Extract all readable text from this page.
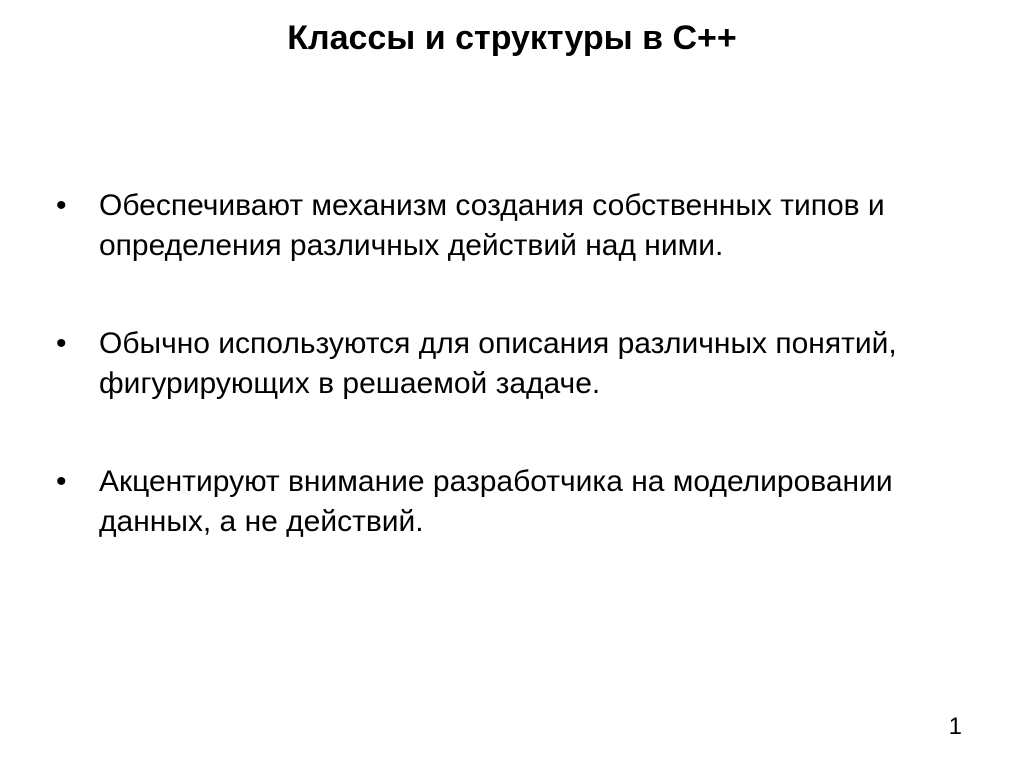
Классы и структуры в С++
•	Обеспечивают механизм создания собственных типов и определения различных действий над ними.
•	Обычно используются для описания различных понятий, фигурирующих в решаемой задаче.
•	Акцентируют внимание разработчика на моделировании данных, а не действий.
1
